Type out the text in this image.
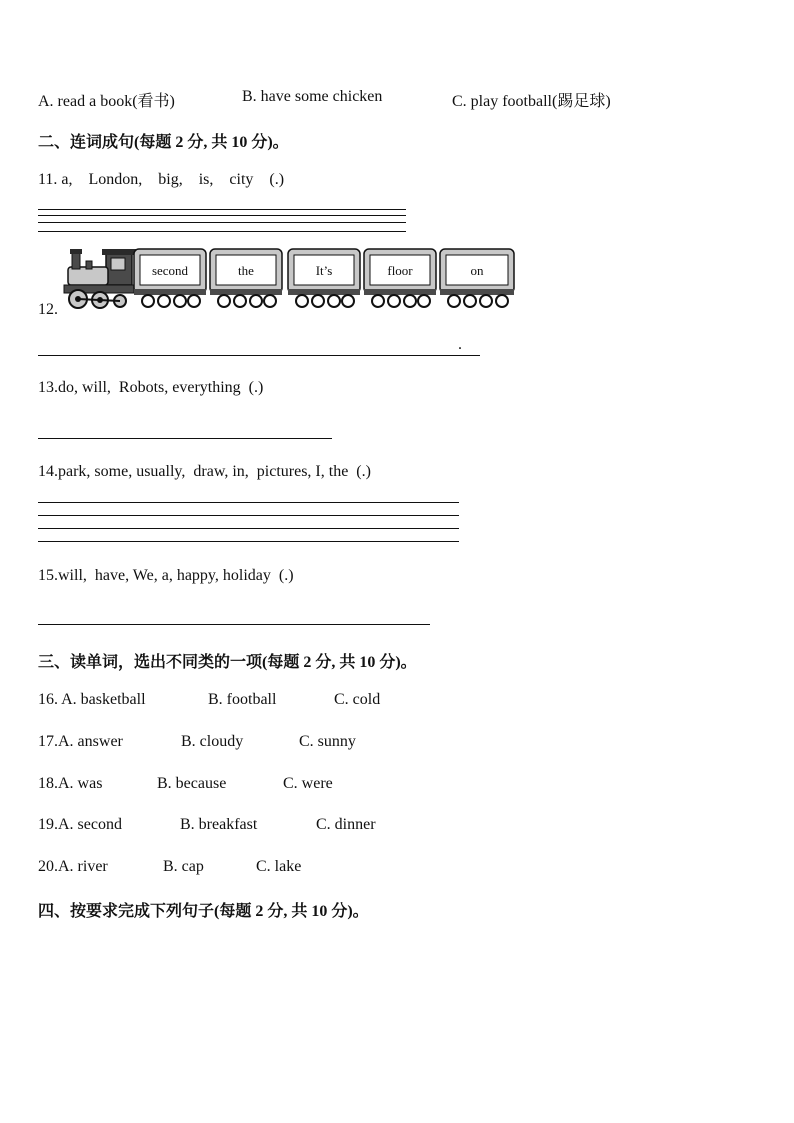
A. read a book(看书)	B. have some chicken	C. play football(踢足球)
二、连词成句(每题 2 分, 共 10 分)。
11. a,    London,    big,    is,    city    (.)
12.
second	the	It’s	floor	on
.
13.do, will,  Robots, everything  (.)
14.park, some, usually,  draw, in,  pictures, I, the  (.)
15.will,  have, We, a, happy, holiday  (.)
三、读单词，选出不同类的一项(每题 2 分, 共 10 分)。
16. A. basketball	B. football	C. cold
17.A. answer	B. cloudy	C. sunny
18.A. was	B. because	C. were
19.A. second	B. breakfast	C. dinner
20.A. river	B. cap	C. lake
四、按要求完成下列句子(每题 2 分, 共 10 分)。
